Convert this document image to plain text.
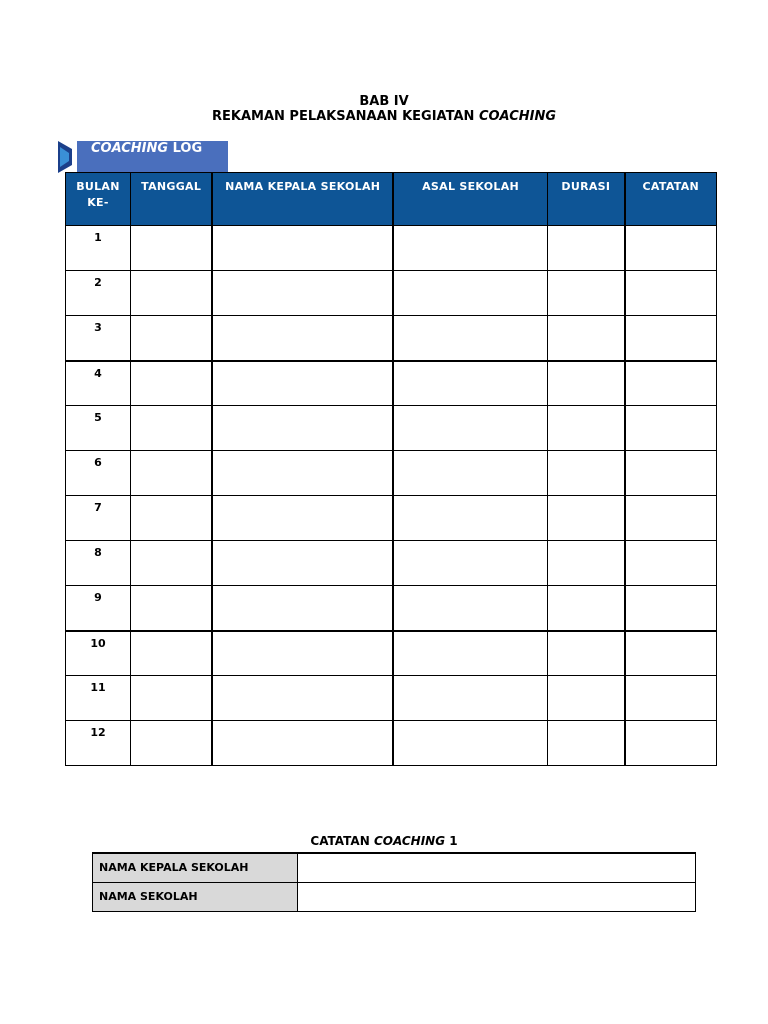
BAB IV
REKAMAN PELAKSANAAN KEGIATAN COACHING
COACHING LOG
BULAN KE-	TANGGAL	NAMA KEPALA SEKOLAH	ASAL SEKOLAH	DURASI	CATATAN
1					
2					
3					
4					
5					
6					
7					
8					
9					
10					
11					
12					
CATATAN COACHING 1
NAMA KEPALA SEKOLAH	
NAMA SEKOLAH	
